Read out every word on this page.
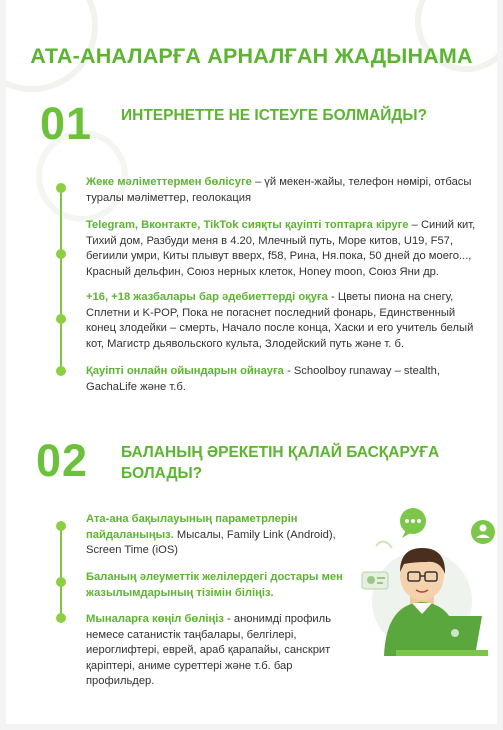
АТА-АНАЛАРҒА АРНАЛҒАН ЖАДЫНАМА
01 ИНТЕРНЕТТЕ НЕ ІСТЕУГЕ БОЛМАЙДЫ?
Жеке мәліметтермен бөлісуге – үй мекен-жайы, телефон нөмірі, отбасы туралы мәліметтер, геолокация
Telegram, Вконтакте, TikTok сияқты қауіпті топтарға кіруге – Синий кит, Тихий дом, Разбуди меня в 4.20, Млечный путь, Море китов, U19, F57, бегиили умри, Киты плывут вверх, f58, Рина, Ня.пока, 50 дней до моего..., Красный дельфин, Союз нерных клеток, Honey moon, Союз Яни др.
+16, +18 жазбалары бар әдебиеттерді оқуға - Цветы пиона на снегу, Сплетни и K-POP, Пока не погаснет последний фонарь, Единственный конец злодейки – смерть, Начало после конца, Хаски и его учитель белый кот, Магистр дьявольского культа, Злодейский путь және т. б.
Қауіпті онлайн ойындарын ойнауға - Schoolboy runaway – stealth, GachaLife және т.б.
02 БАЛАНЫҢ ӘРЕКЕТІН ҚАЛАЙ БАСҚАРУҒА БОЛАДЫ?
Ата-ана бақылауының параметрлерін пайдаланыңыз. Мысалы, Family Link (Android), Screen Time (iOS)
Баланың әлеуметтік желілердегі достары мен жазылымдарының тізімін біліңіз.
Мыналарға көңіл бөліңіз - анонимді профиль немесе сатанистік таңбалары, белгілері, иероглифтері, еврей, араб қарапайы, санскрит қаріптері, аниме суреттері және т.б. бар профильдер.
